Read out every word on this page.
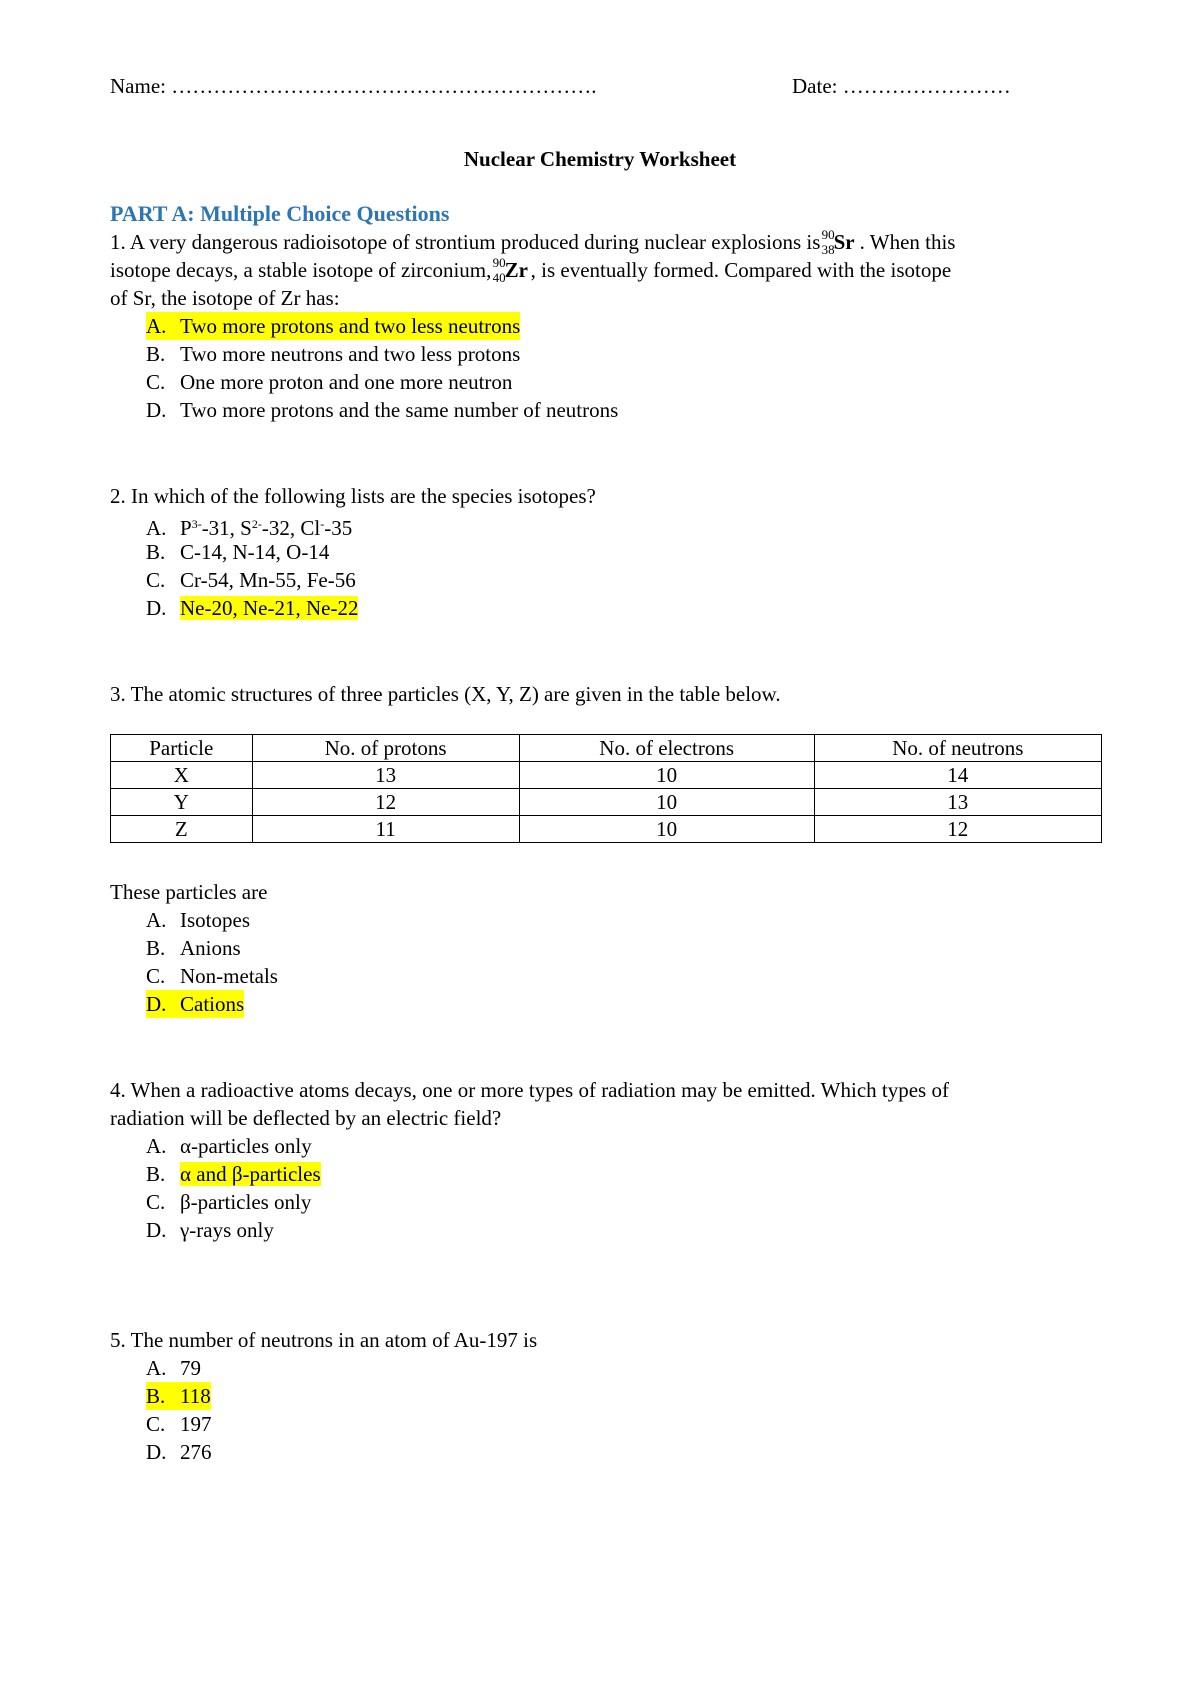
Name: …………………………………………………….	Date: ……………………
Nuclear Chemistry Worksheet
PART A: Multiple Choice Questions
1. A very dangerous radioisotope of strontium produced during nuclear explosions is 90
38 Sr . When this
isotope decays, a stable isotope of zirconium, 90
40 Zr , is eventually formed. Compared with the isotope
of Sr, the isotope of Zr has:
A. Two more protons and two less neutrons
B. Two more neutrons and two less protons
C. One more proton and one more neutron
D. Two more protons and the same number of neutrons
2. In which of the following lists are the species isotopes?
A. $P^{3-}-31$, $S^{2-}-32$, Cl--35
B. C-14, N-14, O-14
C. Cr-54, Mn-55, Fe-56
D. Ne-20, Ne-21, Ne-22
3. The atomic structures of three particles (X, Y, Z) are given in the table below.
Particle	No. of protons	No. of electrons	No. of neutrons
X	13	10	14
Y	12	10	13
Z	11	10	12
These particles are
A. Isotopes
B. Anions
C. Non-metals
D. Cations
4. When a radioactive atoms decays, one or more types of radiation may be emitted. Which types of
radiation will be deflected by an electric field?
A. α-particles only
B. α and β-particles
C. β-particles only
D. γ-rays only
5. The number of neutrons in an atom of Au-197 is
A. 79
B. 118
C. 197
D. 276
